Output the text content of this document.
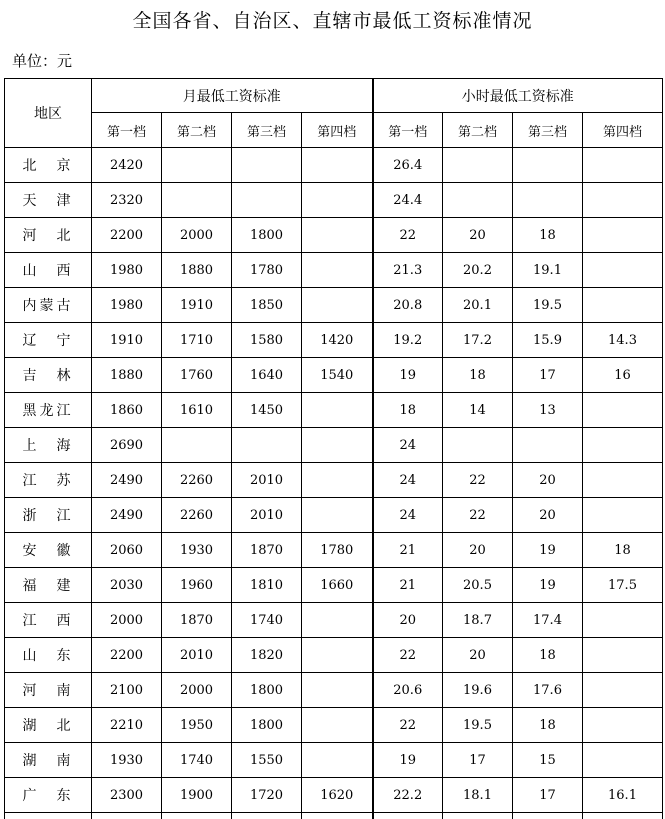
全国各省、自治区、直辖市最低工资标准情况
单位：元
地区	月最低工资标准				小时最低工资标准			
	第一档	第二档	第三档	第四档	第一档	第二档	第三档	第四档
北　京	2420				26.4			
天　津	2320				24.4			
河　北	2200	2000	1800		22	20	18	
山　西	1980	1880	1780		21.3	20.2	19.1	
内蒙古	1980	1910	1850		20.8	20.1	19.5	
辽　宁	1910	1710	1580	1420	19.2	17.2	15.9	14.3
吉　林	1880	1760	1640	1540	19	18	17	16
黑龙江	1860	1610	1450		18	14	13	
上　海	2690				24			
江　苏	2490	2260	2010		24	22	20	
浙　江	2490	2260	2010		24	22	20	
安　徽	2060	1930	1870	1780	21	20	19	18
福　建	2030	1960	1810	1660	21	20.5	19	17.5
江　西	2000	1870	1740		20	18.7	17.4	
山　东	2200	2010	1820		22	20	18	
河　南	2100	2000	1800		20.6	19.6	17.6	
湖　北	2210	1950	1800		22	19.5	18	
湖　南	1930	1740	1550		19	17	15	
广　东	2300	1900	1720	1620	22.2	18.1	17	16.1
